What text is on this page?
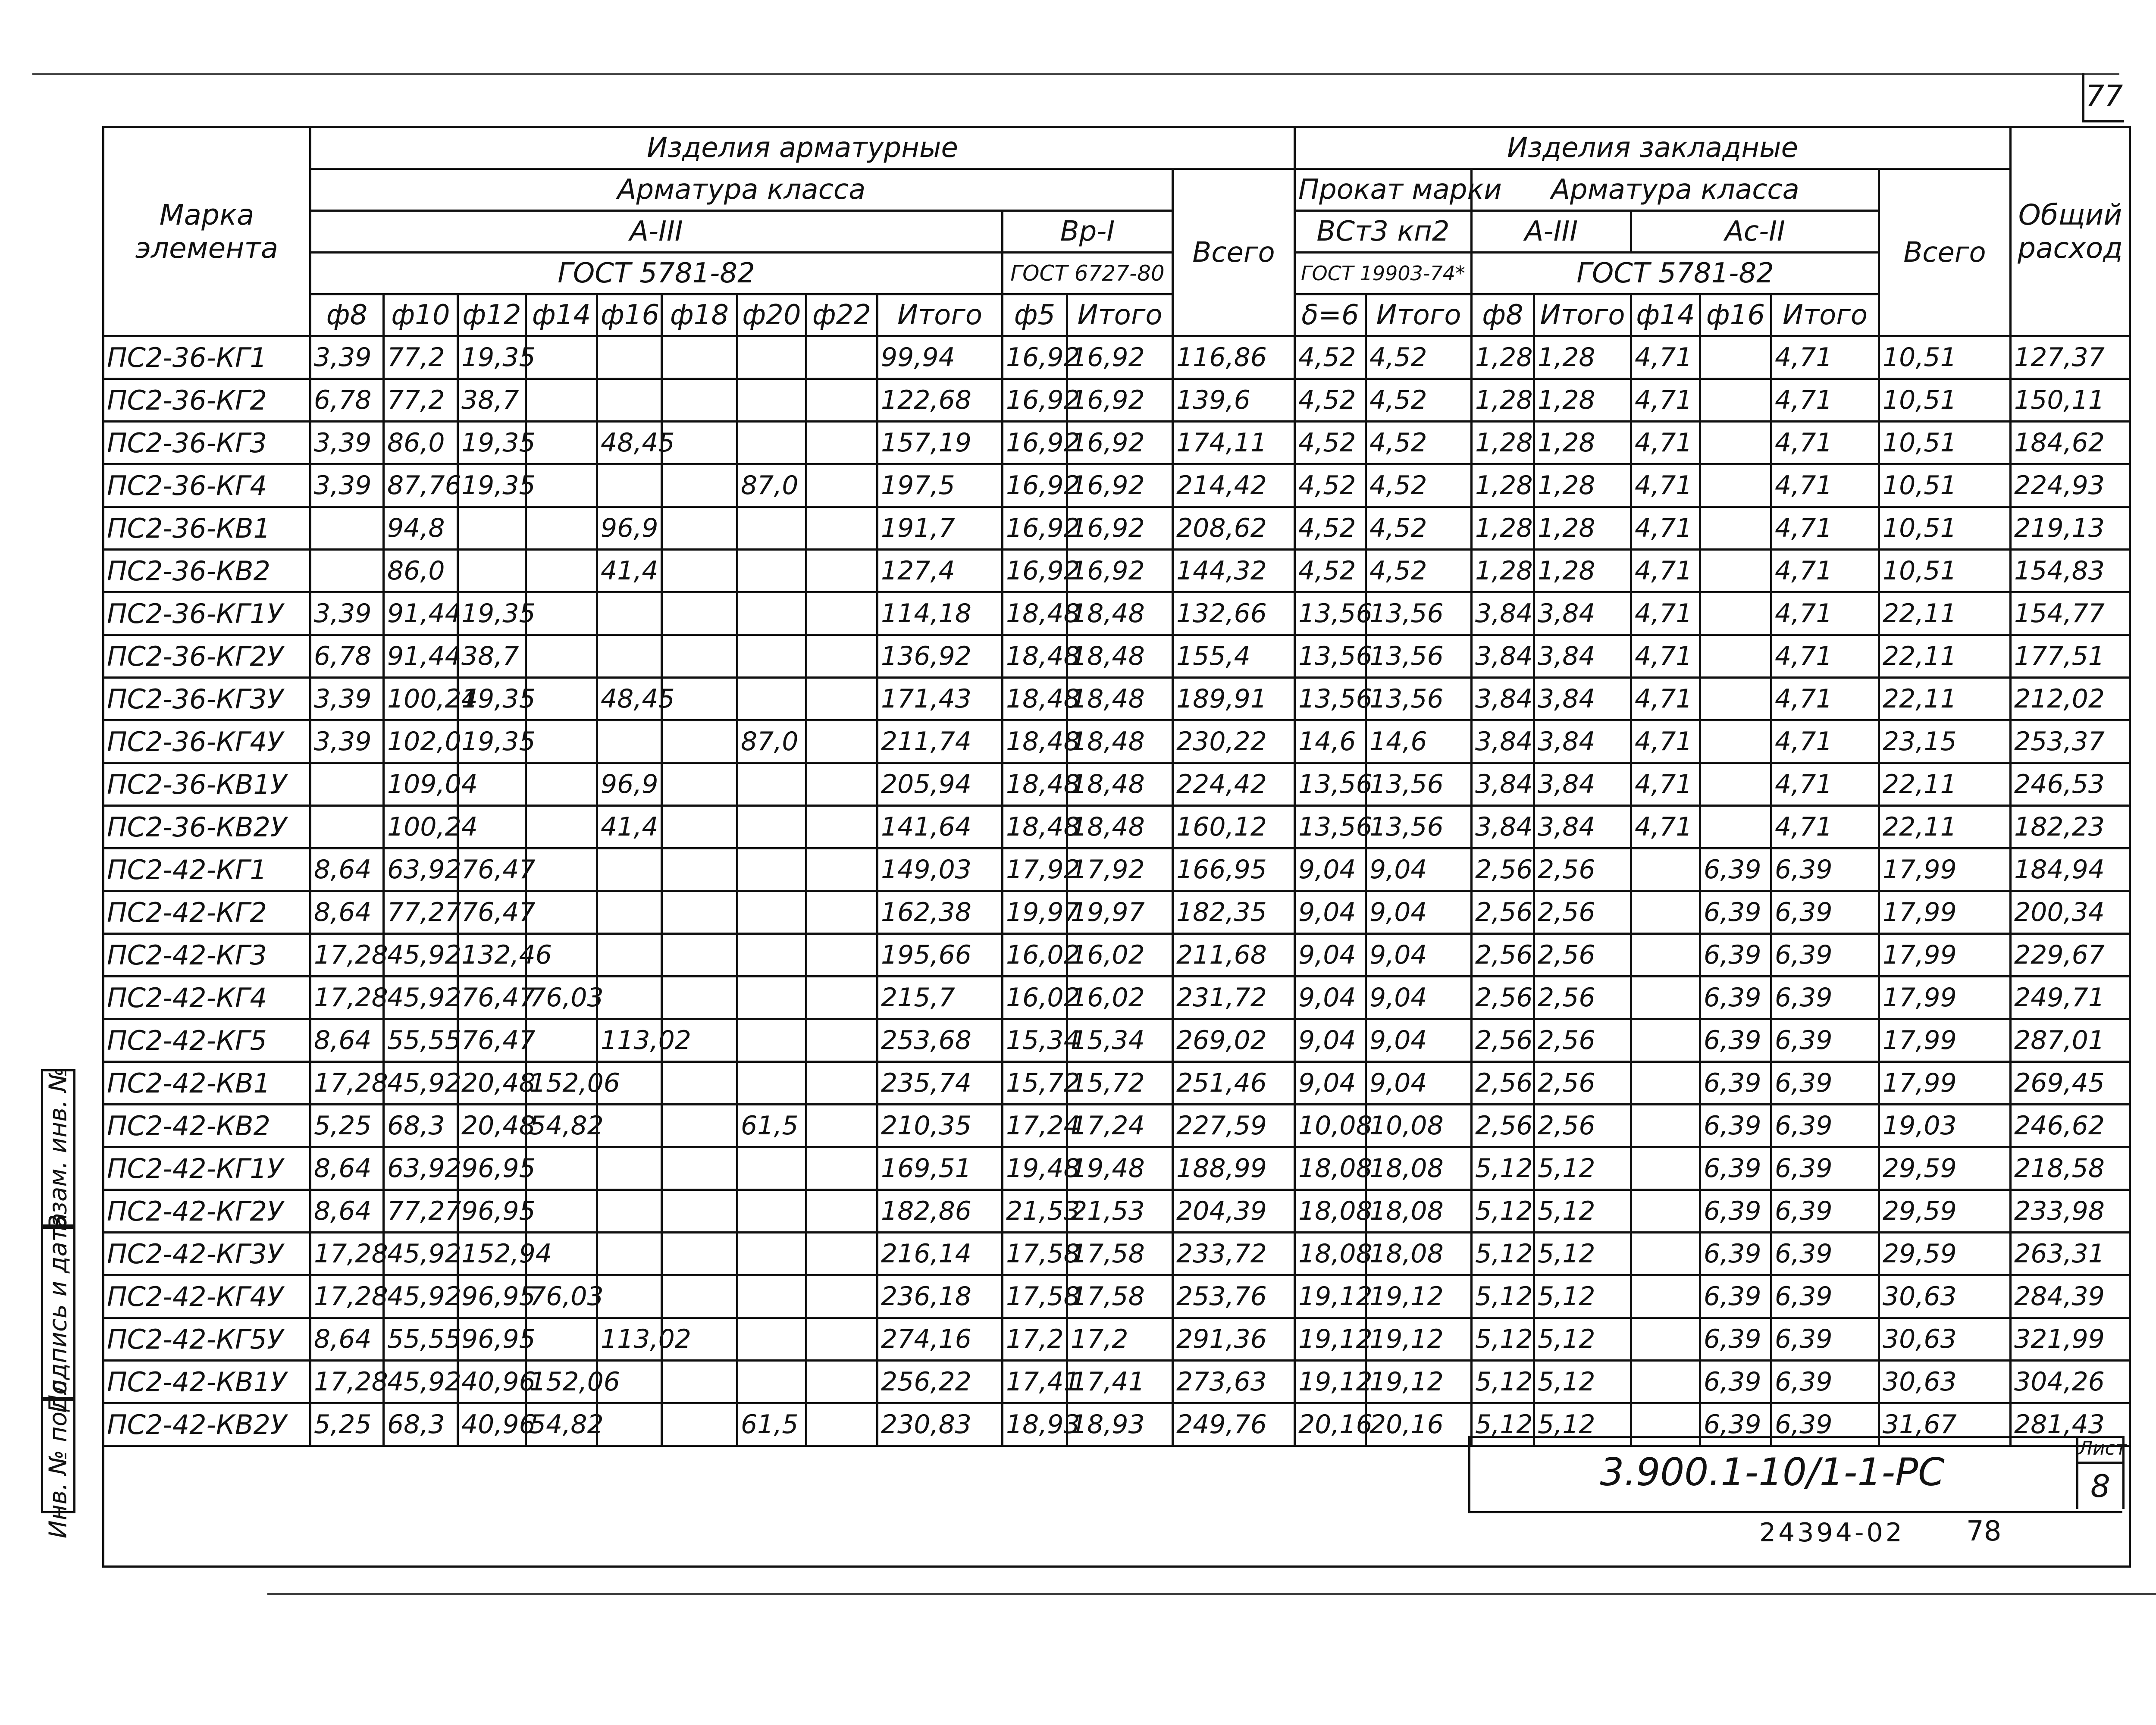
77
Марка элемента	Изделия арматурные												Изделия закладные								Общий расход
	Арматура класса											Всего	Прокат марки		Арматура класса					Всего	
	А-III									Вр-I			ВСт3 кп2		А-III		Ас-II				
	ГОСТ 5781-82									ГОСТ 6727-80			ГОСТ 19903-74*		ГОСТ 5781-82						
	ф8	ф10	ф12	ф14	ф16	ф18	ф20	ф22	Итого	ф5	Итого		δ=6	Итого	ф8	Итого	ф14	ф16	Итого		
ПС2-36-КГ1	3,39	77,2	19,35						99,94	16,92	16,92	116,86	4,52	4,52	1,28	1,28	4,71		4,71	10,51	127,37
ПС2-36-КГ2	6,78	77,2	38,7						122,68	16,92	16,92	139,6	4,52	4,52	1,28	1,28	4,71		4,71	10,51	150,11
ПС2-36-КГ3	3,39	86,0	19,35		48,45				157,19	16,92	16,92	174,11	4,52	4,52	1,28	1,28	4,71		4,71	10,51	184,62
ПС2-36-КГ4	3,39	87,76	19,35				87,0		197,5	16,92	16,92	214,42	4,52	4,52	1,28	1,28	4,71		4,71	10,51	224,93
ПС2-36-КВ1		94,8			96,9				191,7	16,92	16,92	208,62	4,52	4,52	1,28	1,28	4,71		4,71	10,51	219,13
ПС2-36-КВ2		86,0			41,4				127,4	16,92	16,92	144,32	4,52	4,52	1,28	1,28	4,71		4,71	10,51	154,83
ПС2-36-КГ1У	3,39	91,44	19,35						114,18	18,48	18,48	132,66	13,56	13,56	3,84	3,84	4,71		4,71	22,11	154,77
ПС2-36-КГ2У	6,78	91,44	38,7						136,92	18,48	18,48	155,4	13,56	13,56	3,84	3,84	4,71		4,71	22,11	177,51
ПС2-36-КГ3У	3,39	100,24	19,35		48,45				171,43	18,48	18,48	189,91	13,56	13,56	3,84	3,84	4,71		4,71	22,11	212,02
ПС2-36-КГ4У	3,39	102,0	19,35				87,0		211,74	18,48	18,48	230,22	14,6	14,6	3,84	3,84	4,71		4,71	23,15	253,37
ПС2-36-КВ1У		109,04			96,9				205,94	18,48	18,48	224,42	13,56	13,56	3,84	3,84	4,71		4,71	22,11	246,53
ПС2-36-КВ2У		100,24			41,4				141,64	18,48	18,48	160,12	13,56	13,56	3,84	3,84	4,71		4,71	22,11	182,23
ПС2-42-КГ1	8,64	63,92	76,47						149,03	17,92	17,92	166,95	9,04	9,04	2,56	2,56		6,39	6,39	17,99	184,94
ПС2-42-КГ2	8,64	77,27	76,47						162,38	19,97	19,97	182,35	9,04	9,04	2,56	2,56		6,39	6,39	17,99	200,34
ПС2-42-КГ3	17,28	45,92	132,46						195,66	16,02	16,02	211,68	9,04	9,04	2,56	2,56		6,39	6,39	17,99	229,67
ПС2-42-КГ4	17,28	45,92	76,47	76,03					215,7	16,02	16,02	231,72	9,04	9,04	2,56	2,56		6,39	6,39	17,99	249,71
ПС2-42-КГ5	8,64	55,55	76,47		113,02				253,68	15,34	15,34	269,02	9,04	9,04	2,56	2,56		6,39	6,39	17,99	287,01
ПС2-42-КВ1	17,28	45,92	20,48	152,06					235,74	15,72	15,72	251,46	9,04	9,04	2,56	2,56		6,39	6,39	17,99	269,45
ПС2-42-КВ2	5,25	68,3	20,48	54,82			61,5		210,35	17,24	17,24	227,59	10,08	10,08	2,56	2,56		6,39	6,39	19,03	246,62
ПС2-42-КГ1У	8,64	63,92	96,95						169,51	19,48	19,48	188,99	18,08	18,08	5,12	5,12		6,39	6,39	29,59	218,58
ПС2-42-КГ2У	8,64	77,27	96,95						182,86	21,53	21,53	204,39	18,08	18,08	5,12	5,12		6,39	6,39	29,59	233,98
ПС2-42-КГ3У	17,28	45,92	152,94						216,14	17,58	17,58	233,72	18,08	18,08	5,12	5,12		6,39	6,39	29,59	263,31
ПС2-42-КГ4У	17,28	45,92	96,95	76,03					236,18	17,58	17,58	253,76	19,12	19,12	5,12	5,12		6,39	6,39	30,63	284,39
ПС2-42-КГ5У	8,64	55,55	96,95		113,02				274,16	17,2	17,2	291,36	19,12	19,12	5,12	5,12		6,39	6,39	30,63	321,99
ПС2-42-КВ1У	17,28	45,92	40,96	152,06					256,22	17,41	17,41	273,63	19,12	19,12	5,12	5,12		6,39	6,39	30,63	304,26
ПС2-42-КВ2У	5,25	68,3	40,96	54,82			61,5		230,83	18,93	18,93	249,76	20,16	20,16	5,12	5,12		6,39	6,39	31,67	281,43

3.900.1-10/1-1-РС
Лист
8
Взам. инв. №
Подпись и дата
Инв. № подл.	24394-02 78
